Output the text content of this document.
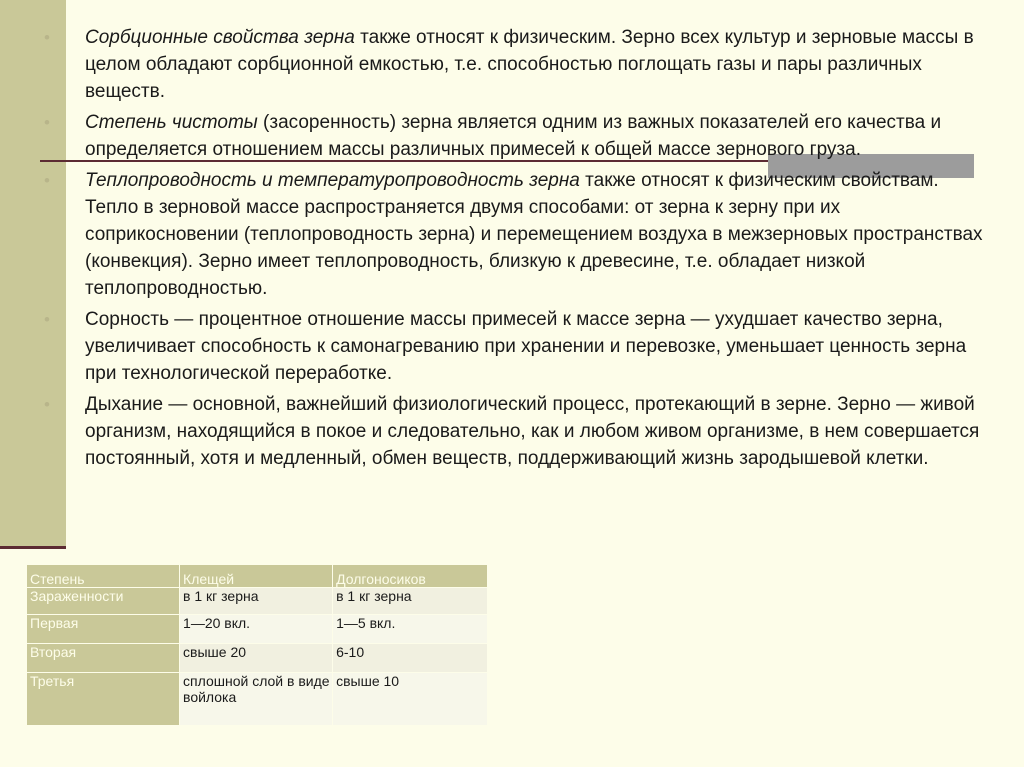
• Сорбционные свойства зерна также относят к физическим. Зерно всех культур и зерновые массы в целом обладают сорбционной емкостью, т.е. способностью поглощать газы и пары различных веществ.
• Степень чистоты (засоренность) зерна является одним из важных показателей его качества и определяется отношением массы различных примесей к общей массе зернового груза.
• Теплопроводность и температуропроводность зерна также относят к физическим свойствам. Тепло в зерновой массе распространяется двумя способами: от зерна к зерну при их соприкосновении (теплопроводность зерна) и перемещением воздуха в межзерновых пространствах (конвекция). Зерно имеет теплопроводность, близкую к древесине, т.е. обладает низкой теплопроводностью.
• Сорность — процентное отношение массы примесей к массе зерна — ухудшает качество зерна, увеличивает способность к самонагреванию при хранении и перевозке, уменьшает ценность зерна при технологической переработке.
• Дыхание — основной, важнейший физиологический процесс, протекающий в зерне. Зерно — живой организм, находящийся в покое и следовательно, как и любом живом организме, в нем совершается постоянный, хотя и медленный, обмен веществ, поддерживающий жизнь зародышевой клетки.
Степень	Клещей	Долгоносиков
Зараженности	в 1 кг зерна	в 1 кг зерна
Первая	1—20 вкл.	1—5 вкл.
Вторая	свыше 20	6-10
Третья	сплошной слой в виде войлока	свыше 10
